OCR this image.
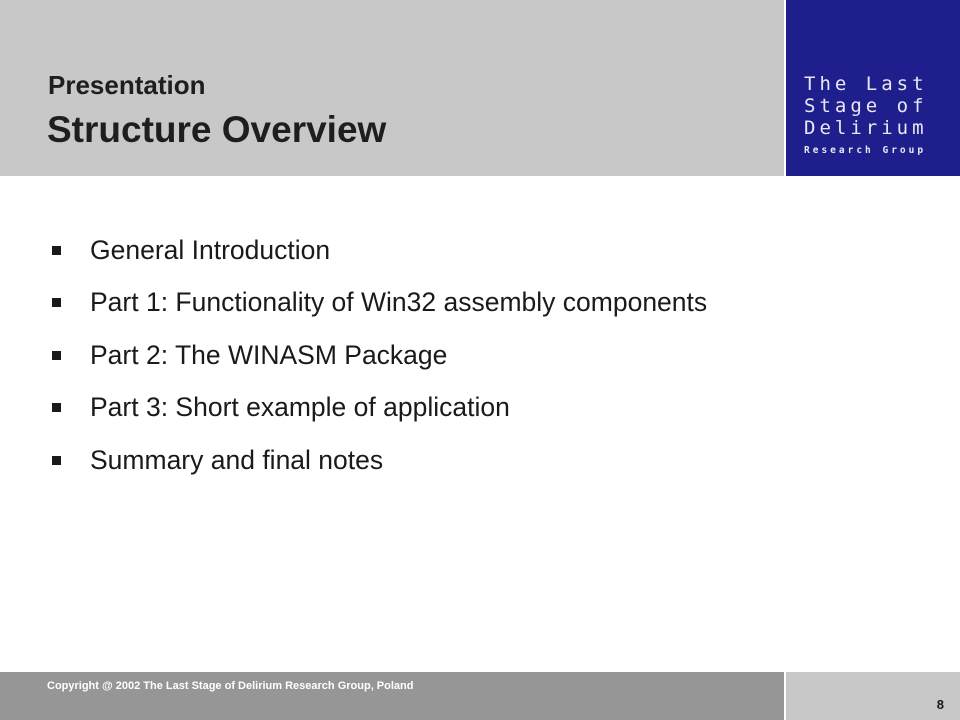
The Last
Stage of
Delirium
Research Group
Presentation
Structure Overview
General Introduction
Part 1: Functionality of Win32 assembly components
Part 2: The WINASM Package
Part 3: Short example of application
Summary and final notes
Copyright @ 2002 The Last Stage of Delirium Research Group, Poland
8
